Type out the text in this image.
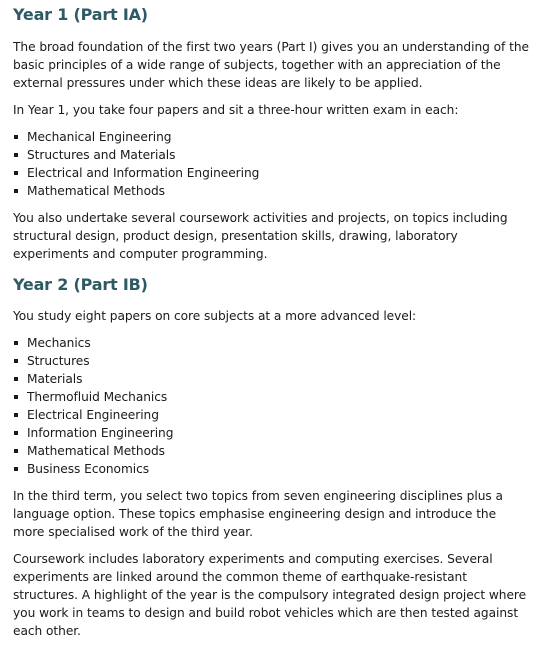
Year 1 (Part IA)

The broad foundation of the first two years (Part I) gives you an understanding of the basic principles of a wide range of subjects, together with an appreciation of the external pressures under which these ideas are likely to be applied.

In Year 1, you take four papers and sit a three-hour written exam in each:

Mechanical Engineering
Structures and Materials
Electrical and Information Engineering
Mathematical Methods

You also undertake several coursework activities and projects, on topics including structural design, product design, presentation skills, drawing, laboratory experiments and computer programming.

Year 2 (Part IB)

You study eight papers on core subjects at a more advanced level:

Mechanics
Structures
Materials
Thermofluid Mechanics
Electrical Engineering
Information Engineering
Mathematical Methods
Business Economics

In the third term, you select two topics from seven engineering disciplines plus a language option. These topics emphasise engineering design and introduce the more specialised work of the third year.

Coursework includes laboratory experiments and computing exercises. Several experiments are linked around the common theme of earthquake-resistant structures. A highlight of the year is the compulsory integrated design project where you work in teams to design and build robot vehicles which are then tested against each other.
